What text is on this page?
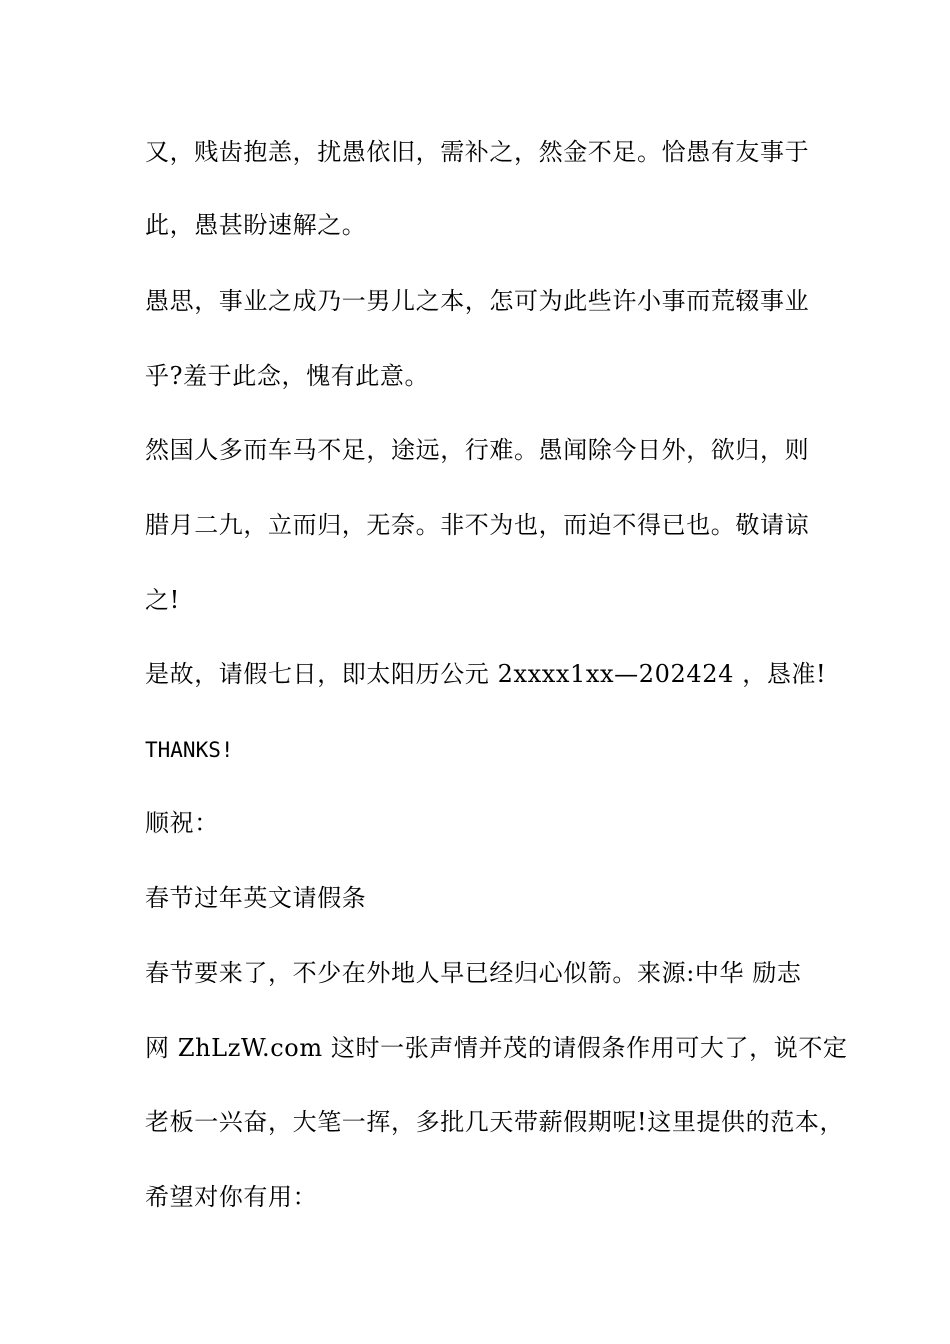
又，贱齿抱恙，扰愚依旧，需补之，然金不足。恰愚有友事于
此，愚甚盼速解之。
愚思，事业之成乃一男儿之本，怎可为此些许小事而荒辍事业
乎?羞于此念，愧有此意。
然国人多而车马不足，途远，行难。愚闻除今日外，欲归，则
腊月二九，立而归，无奈。非不为也，而迫不得已也。敬请谅
之!
是故，请假七日，即太阳历公元 2xxxx1xx—202424 ，恳准!
THANKS!
顺祝：
春节过年英文请假条
春节要来了，不少在外地人早已经归心似箭。来源:中华 励志
网 ZhLzW.com 这时一张声情并茂的请假条作用可大了，说不定
老板一兴奋，大笔一挥，多批几天带薪假期呢!这里提供的范本，
希望对你有用：
